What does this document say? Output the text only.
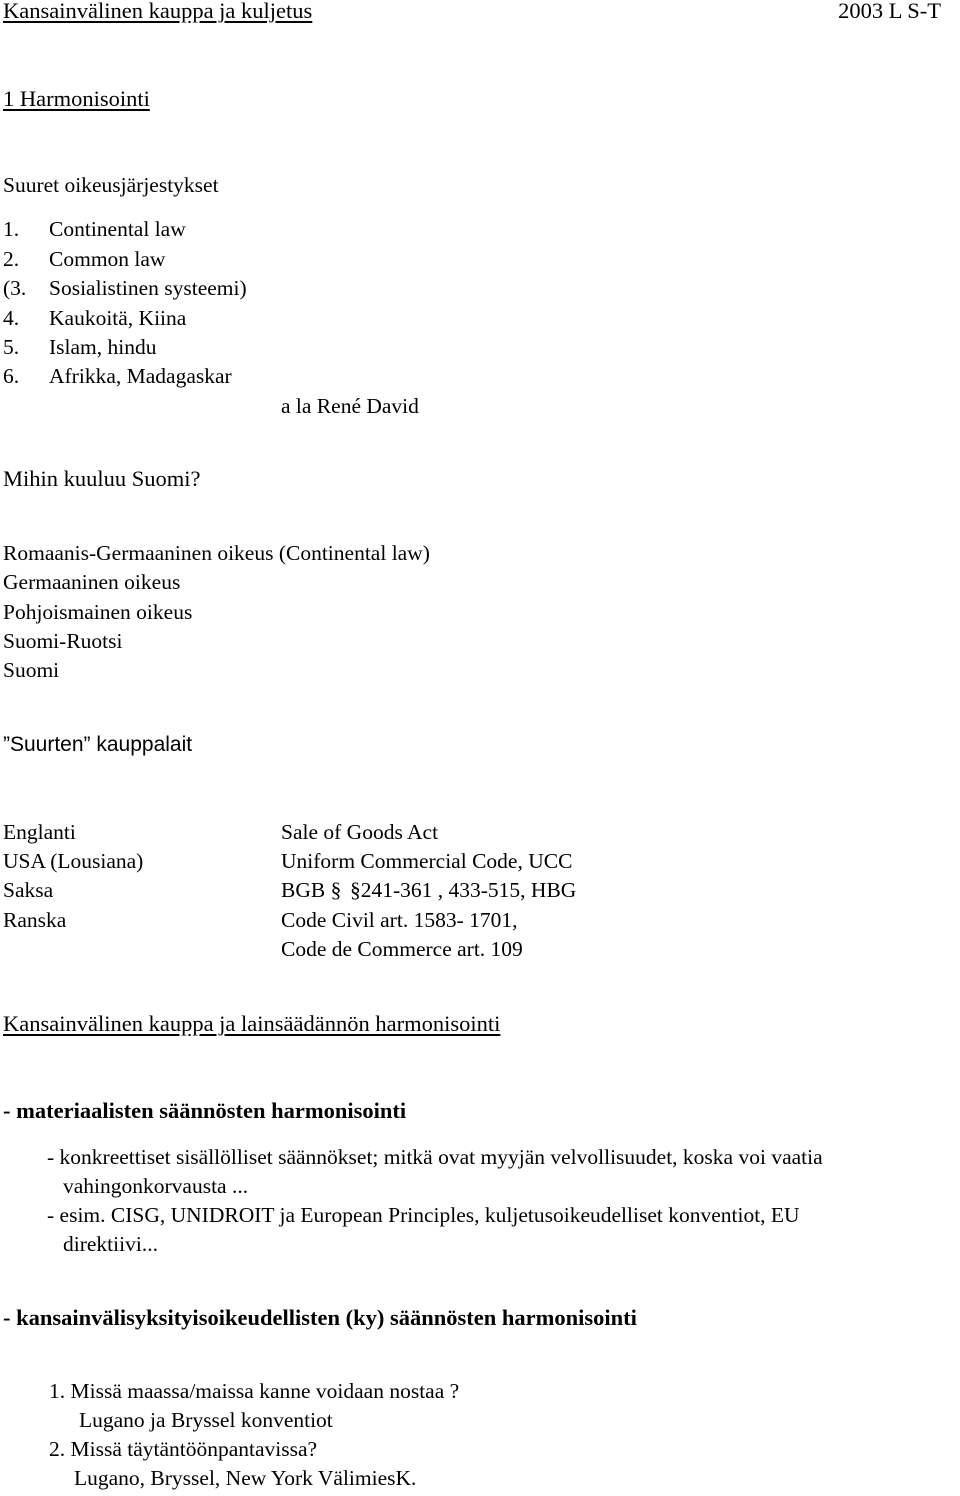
Kansainvälinen kauppa ja kuljetus	2003 L S-T
1 Harmonisointi
Suuret oikeusjärjestykset
1. Continental law
2. Common law
(3. Sosialistinen systeemi)
4. Kaukoitä, Kiina
5. Islam, hindu
6. Afrikka, Madagaskar
a la René David
Mihin kuuluu Suomi?
Romaanis-Germaaninen oikeus (Continental law)
Germaaninen oikeus
Pohjoismainen oikeus
Suomi-Ruotsi
Suomi
”Suurten” kauppalait
Englanti	Sale of Goods Act
USA (Lousiana)	Uniform Commercial Code, UCC
Saksa	BGB § §241-361 , 433-515, HBG
Ranska	Code Civil art. 1583- 1701,
Code de Commerce art. 109
Kansainvälinen kauppa ja lainsäädännön harmonisointi
- materiaalisten säännösten harmonisointi
- konkreettiset sisällölliset säännökset; mitkä ovat myyjän velvollisuudet, koska voi vaatia
vahingonkorvausta ...
- esim. CISG, UNIDROIT ja European Principles, kuljetusoikeudelliset konventiot, EU
direktiivi...
- kansainvälisyksityisoikeudellisten (ky) säännösten harmonisointi
1. Missä maassa/maissa kanne voidaan nostaa ?
Lugano ja Bryssel konventiot
2. Missä täytäntöönpantavissa?
Lugano, Bryssel, New York VälimiesK.
